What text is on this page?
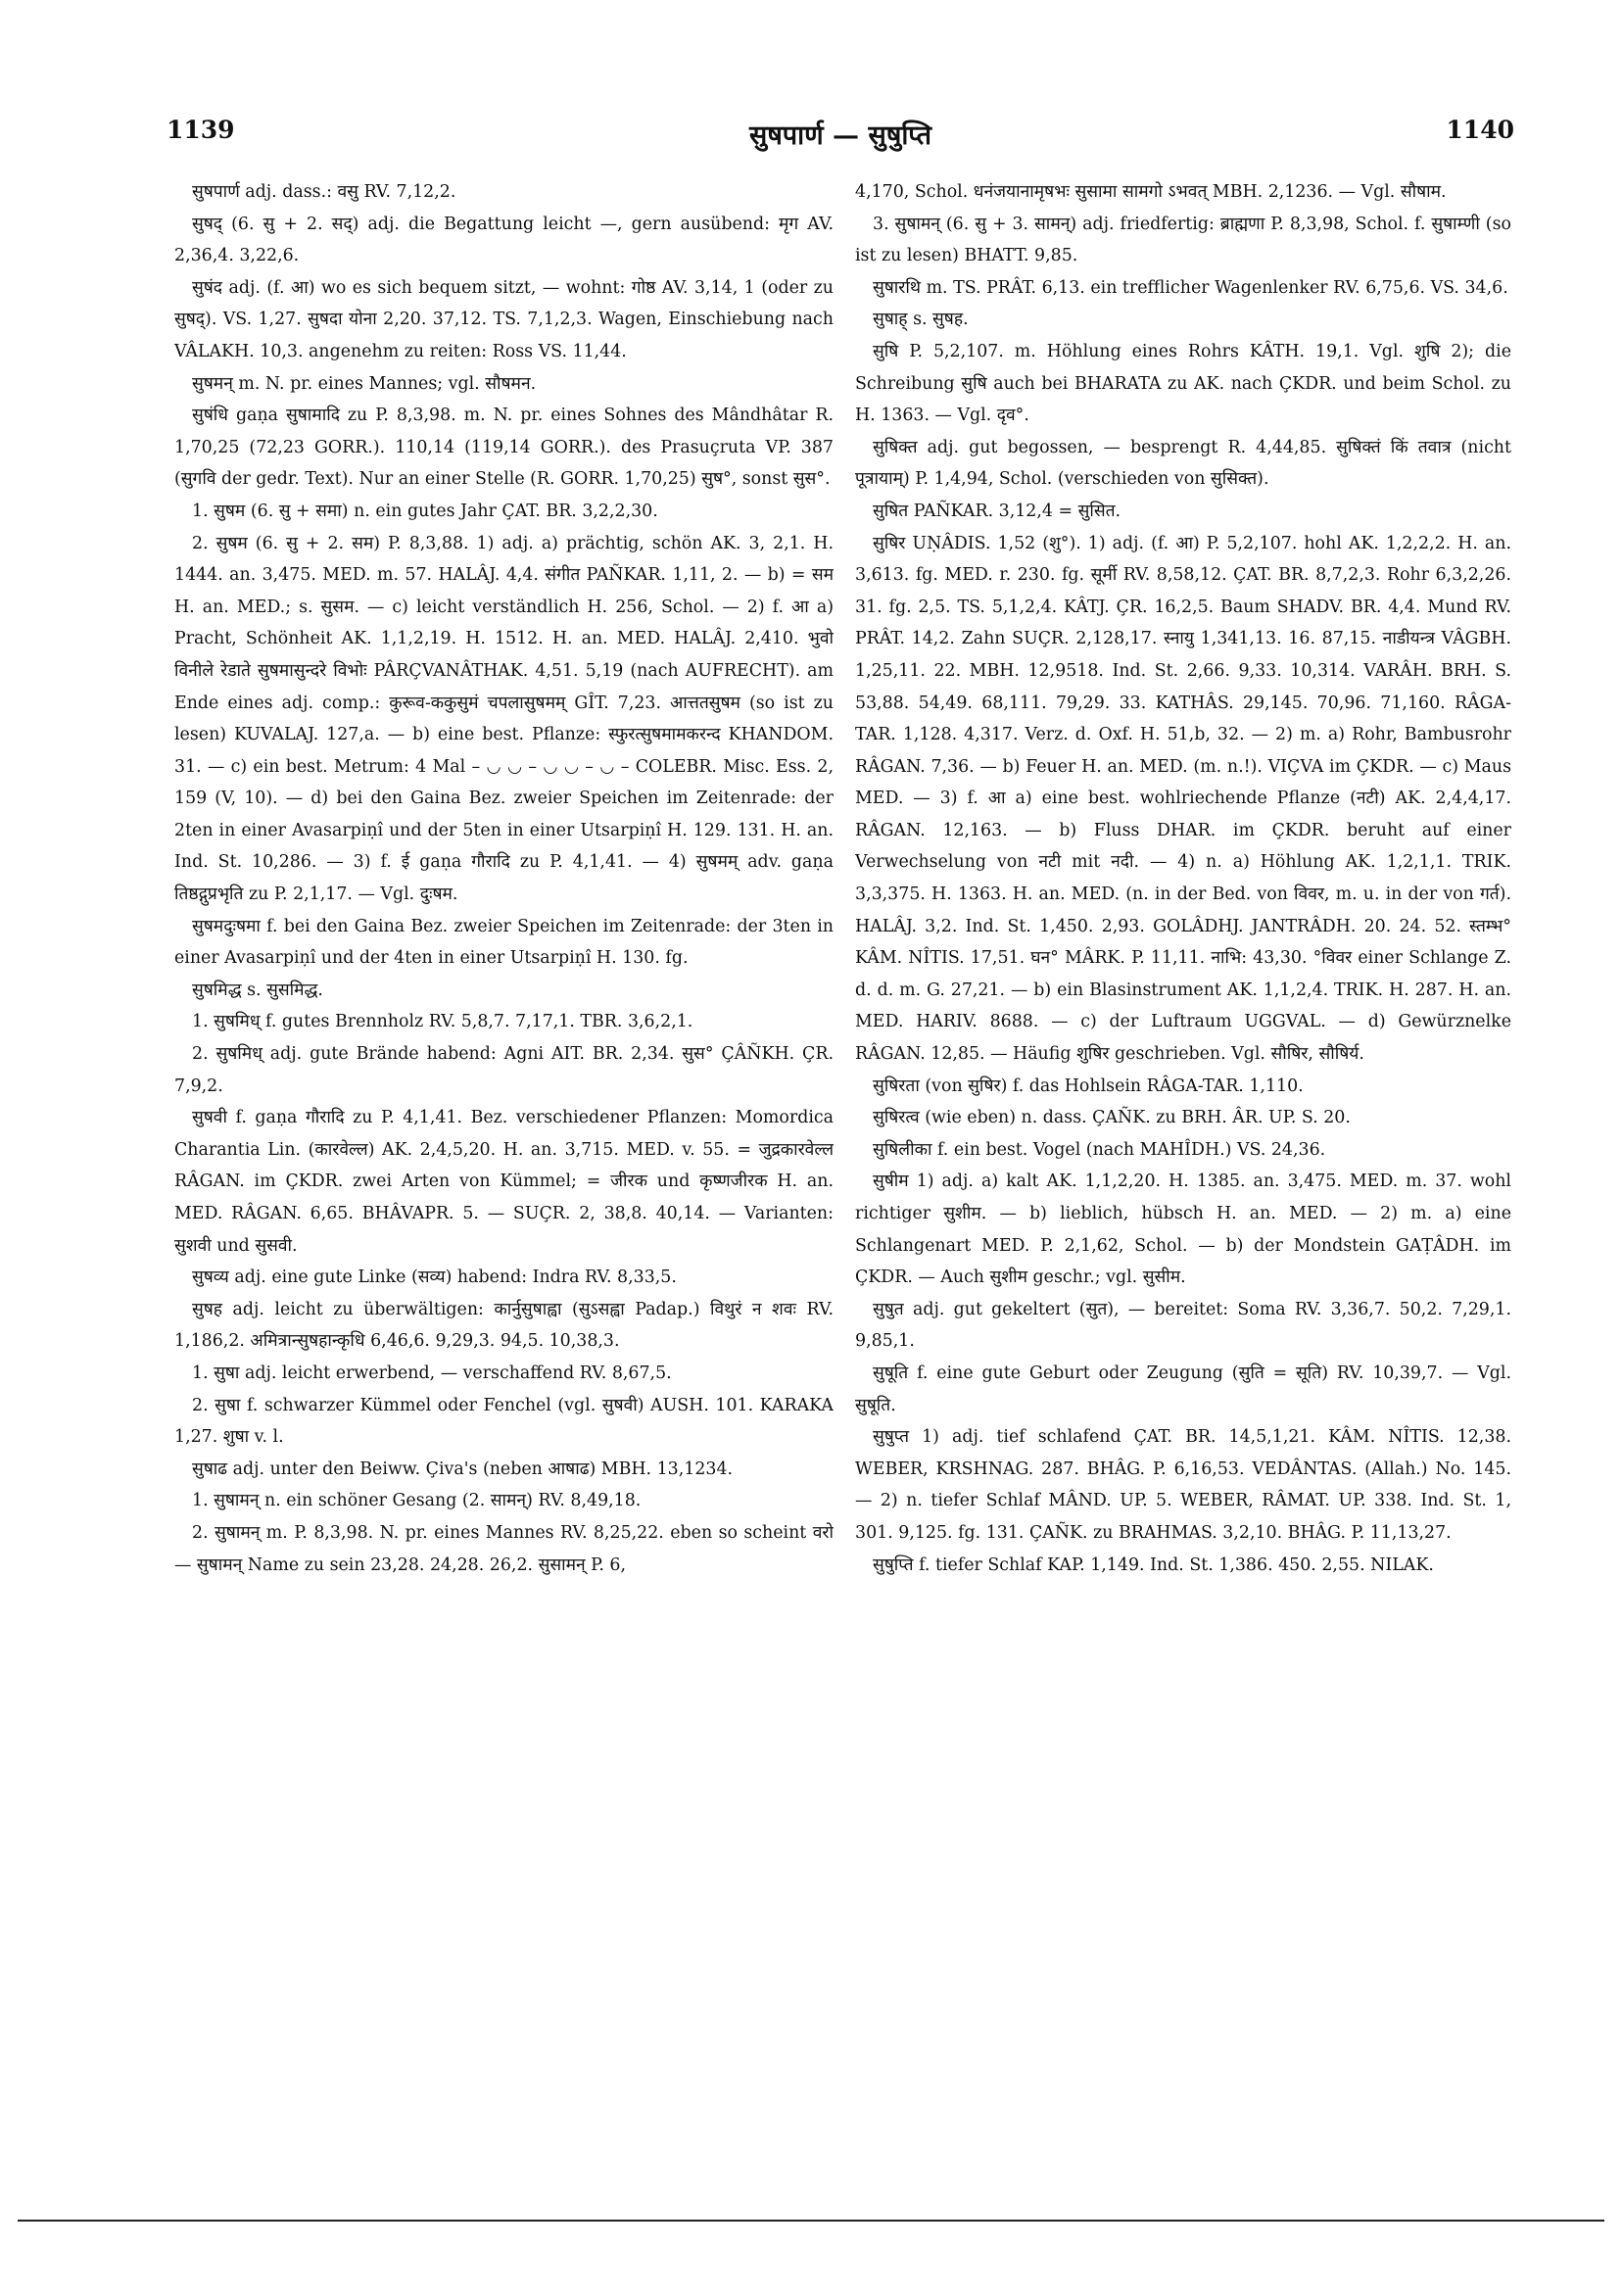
1139	सुषपार्ण — सुषुप्ति	1140

सुषपार्ण adj. dass.: वसु RV. 7,12,2.

सुषद् (6. सु + 2. सद्) adj. die Begattung leicht —, gern ausübend: मृग AV. 2,36,4. 3,22,6.

सुषंद adj. (f. आ) wo es sich bequem sitzt, — wohnt: गोष्ठ AV. 3,14, 1 (oder zu सुषद्). VS. 1,27. सुषदा योना 2,20. 37,12. TS. 7,1,2,3. Wagen, Einschiebung nach VÂLAKH. 10,3. angenehm zu reiten: Ross VS. 11,44.

सुषमन् m. N. pr. eines Mannes; vgl. सौषमन.

सुषंधि gaṇa सुषामादि zu P. 8,3,98. m. N. pr. eines Sohnes des Mândhâtar R. 1,70,25 (72,23 GORR.). 110,14 (119,14 GORR.). des Prasuçruta VP. 387 (सुगवि der gedr. Text). Nur an einer Stelle (R. GORR. 1,70,25) सुष°, sonst सुस°.

1. सुषम (6. सु + समा) n. ein gutes Jahr ÇAT. BR. 3,2,2,30.

2. सुषम (6. सु + 2. सम) P. 8,3,88. 1) adj. a) prächtig, schön AK. 3, 2,1. H. 1444. an. 3,475. MED. m. 57. HALÂJ. 4,4. संगीत PAÑKAR. 1,11, 2. — b) = सम H. an. MED.; s. सुसम. — c) leicht verständlich H. 256, Schol. — 2) f. आ a) Pracht, Schönheit AK. 1,1,2,19. H. 1512. H. an. MED. HALÂJ. 2,410. भुवो विनीले रेडाते सुषमासुन्दरे विभोः PÂRÇVANÂTHAK. 4,51. 5,19 (nach AUFRECHT). am Ende eines adj. comp.: कुरूव-ककुसुमं चपलासुषमम् GÎT. 7,23. आत्ततसुषम (so ist zu lesen) KUVALAJ. 127,a. — b) eine best. Pflanze: स्फुरत्सुषमामकरन्द KHANDOM. 31. — c) ein best. Metrum: 4 Mal – ◡ ◡ – ◡ ◡ – ◡ – COLEBR. Misc. Ess. 2, 159 (V, 10). — d) bei den Gaina Bez. zweier Speichen im Zeitenrade: der 2ten in einer Avasarpiṇî und der 5ten in einer Utsarpiṇî H. 129. 131. H. an. Ind. St. 10,286. — 3) f. ई gaṇa गौरादि zu P. 4,1,41. — 4) सुषमम् adv. gaṇa तिष्ठद्गुप्रभृति zu P. 2,1,17. — Vgl. दुःषम.

सुषमदुःषमा f. bei den Gaina Bez. zweier Speichen im Zeitenrade: der 3ten in einer Avasarpiṇî und der 4ten in einer Utsarpiṇî H. 130. fg.

सुषमिद्ध s. सुसमिद्ध.

1. सुषमिध् f. gutes Brennholz RV. 5,8,7. 7,17,1. TBR. 3,6,2,1.

2. सुषमिध् adj. gute Brände habend: Agni AIT. BR. 2,34. सुस° ÇÂÑKH. ÇR. 7,9,2.

सुषवी f. gaṇa गौरादि zu P. 4,1,41. Bez. verschiedener Pflanzen: Momordica Charantia Lin. (कारवेल्ल) AK. 2,4,5,20. H. an. 3,715. MED. v. 55. = जुद्रकारवेल्ल RÂGAN. im ÇKDR. zwei Arten von Kümmel; = जीरक und कृष्णजीरक H. an. MED. RÂGAN. 6,65. BHÂVAPR. 5. — SUÇR. 2, 38,8. 40,14. — Varianten: सुशवी und सुसवी.

सुषव्य adj. eine gute Linke (सव्य) habend: Indra RV. 8,33,5.

सुषह adj. leicht zu überwältigen: कार्नुसुषाह्वा (सुऽसह्वा Padap.) विथुरं न शवः RV. 1,186,2. अमित्रान्सुषहान्कृधि 6,46,6. 9,29,3. 94,5. 10,38,3.

1. सुषा adj. leicht erwerbend, — verschaffend RV. 8,67,5.

2. सुषा f. schwarzer Kümmel oder Fenchel (vgl. सुषवी) AUSH. 101. KARAKA 1,27. शुषा v. l.

सुषाढ adj. unter den Beiww. Çiva's (neben आषाढ) MBH. 13,1234.

1. सुषामन् n. ein schöner Gesang (2. सामन्) RV. 8,49,18.

2. सुषामन् m. P. 8,3,98. N. pr. eines Mannes RV. 8,25,22. eben so scheint वरो — सुषामन् Name zu sein 23,28. 24,28. 26,2. सुसामन् P. 6,

4,170, Schol. धनंजयानामृषभः सुसामा सामगो ऽभवत् MBH. 2,1236. — Vgl. सौषाम.

3. सुषामन् (6. सु + 3. सामन्) adj. friedfertig: ब्राह्मणा P. 8,3,98, Schol. f. सुषाम्णी (so ist zu lesen) BHATT. 9,85.

सुषारथि m. TS. PRÂT. 6,13. ein trefflicher Wagenlenker RV. 6,75,6. VS. 34,6.

सुषाह् s. सुषह.

सुषि P. 5,2,107. m. Höhlung eines Rohrs KÂTH. 19,1. Vgl. शुषि 2); die Schreibung सुषि auch bei BHARATA zu AK. nach ÇKDR. und beim Schol. zu H. 1363. — Vgl. दृव°.

सुषिक्त adj. gut begossen, — besprengt R. 4,44,85. सुषिक्तं किं तवात्र (nicht पूत्रायाम्) P. 1,4,94, Schol. (verschieden von सुसिक्त).

सुषित PAÑKAR. 3,12,4 = सुसित.

सुषिर UṆÂDIS. 1,52 (शु°). 1) adj. (f. आ) P. 5,2,107. hohl AK. 1,2,2,2. H. an. 3,613. fg. MED. r. 230. fg. सूर्मी RV. 8,58,12. ÇAT. BR. 8,7,2,3. Rohr 6,3,2,26. 31. fg. 2,5. TS. 5,1,2,4. KÂTJ. ÇR. 16,2,5. Baum SHADV. BR. 4,4. Mund RV. PRÂT. 14,2. Zahn SUÇR. 2,128,17. स्नायु 1,341,13. 16. 87,15. नाडीयन्त्र VÂGBH. 1,25,11. 22. MBH. 12,9518. Ind. St. 2,66. 9,33. 10,314. VARÂH. BRH. S. 53,88. 54,49. 68,111. 79,29. 33. KATHÂS. 29,145. 70,96. 71,160. RÂGA-TAR. 1,128. 4,317. Verz. d. Oxf. H. 51,b, 32. — 2) m. a) Rohr, Bambusrohr RÂGAN. 7,36. — b) Feuer H. an. MED. (m. n.!). VIÇVA im ÇKDR. — c) Maus MED. — 3) f. आ a) eine best. wohlriechende Pflanze (नटी) AK. 2,4,4,17. RÂGAN. 12,163. — b) Fluss DHAR. im ÇKDR. beruht auf einer Verwechselung von नटी mit नदी. — 4) n. a) Höhlung AK. 1,2,1,1. TRIK. 3,3,375. H. 1363. H. an. MED. (n. in der Bed. von विवर, m. u. in der von गर्त). HALÂJ. 3,2. Ind. St. 1,450. 2,93. GOLÂDHJ. JANTRÂDH. 20. 24. 52. स्तम्भ° KÂM. NÎTIS. 17,51. घन° MÂRK. P. 11,11. नाभि: 43,30. °विवर einer Schlange Z. d. d. m. G. 27,21. — b) ein Blasinstrument AK. 1,1,2,4. TRIK. H. 287. H. an. MED. HARIV. 8688. — c) der Luftraum UGGVAL. — d) Gewürznelke RÂGAN. 12,85. — Häufig शुषिर geschrieben. Vgl. सौषिर, सौषिर्य.

सुषिरता (von सुषिर) f. das Hohlsein RÂGA-TAR. 1,110.

सुषिरत्व (wie eben) n. dass. ÇAÑK. zu BRH. ÂR. UP. S. 20.

सुषिलीका f. ein best. Vogel (nach MAHÎDH.) VS. 24,36.

सुषीम 1) adj. a) kalt AK. 1,1,2,20. H. 1385. an. 3,475. MED. m. 37. wohl richtiger सुशीम. — b) lieblich, hübsch H. an. MED. — 2) m. a) eine Schlangenart MED. P. 2,1,62, Schol. — b) der Mondstein GAṬÂDH. im ÇKDR. — Auch सुशीम geschr.; vgl. सुसीम.

सुषुत adj. gut gekeltert (सुत), — bereitet: Soma RV. 3,36,7. 50,2. 7,29,1. 9,85,1.

सुषूति f. eine gute Geburt oder Zeugung (सुति = सूति) RV. 10,39,7. — Vgl. सुषूति.

सुषुप्त 1) adj. tief schlafend ÇAT. BR. 14,5,1,21. KÂM. NÎTIS. 12,38. WEBER, KRSHNAG. 287. BHÂG. P. 6,16,53. VEDÂNTAS. (Allah.) No. 145. — 2) n. tiefer Schlaf MÂND. UP. 5. WEBER, RÂMAT. UP. 338. Ind. St. 1, 301. 9,125. fg. 131. ÇAÑK. zu BRAHMAS. 3,2,10. BHÂG. P. 11,13,27.

सुषुप्ति f. tiefer Schlaf KAP. 1,149. Ind. St. 1,386. 450. 2,55. NILAK.
